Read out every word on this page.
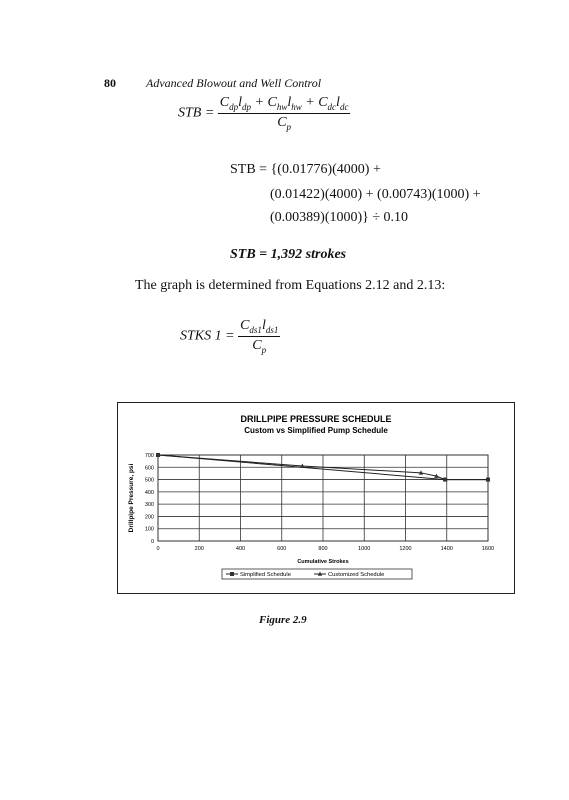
80	Advanced Blowout and Well Control
STB = $\frac{C_{dp}l_{dp} + C_{hw}l_{hw} + C_{dc}l_{dc}}{C_p}$
STB = {(0.01776)(4000) +
(0.01422)(4000) + (0.00743)(1000) +
(0.00389)(1000)} ÷ 0.10
STB = 1,392 strokes
The graph is determined from Equations 2.12 and 2.13:
STKS $1 = \frac{C_{ds1}l_{ds1}}{C_p}$
DRILLPIPE PRESSURE SCHEDULE
Custom vs Simplified Pump Schedule
0
100
200
300
400
500
600
700
0	200	400	600	800	1000	1200	1400	1600
Cumulative Strokes
Drillpipe Pressure, psi
Simplified Schedule	Customized Schedule
Figure 2.9
